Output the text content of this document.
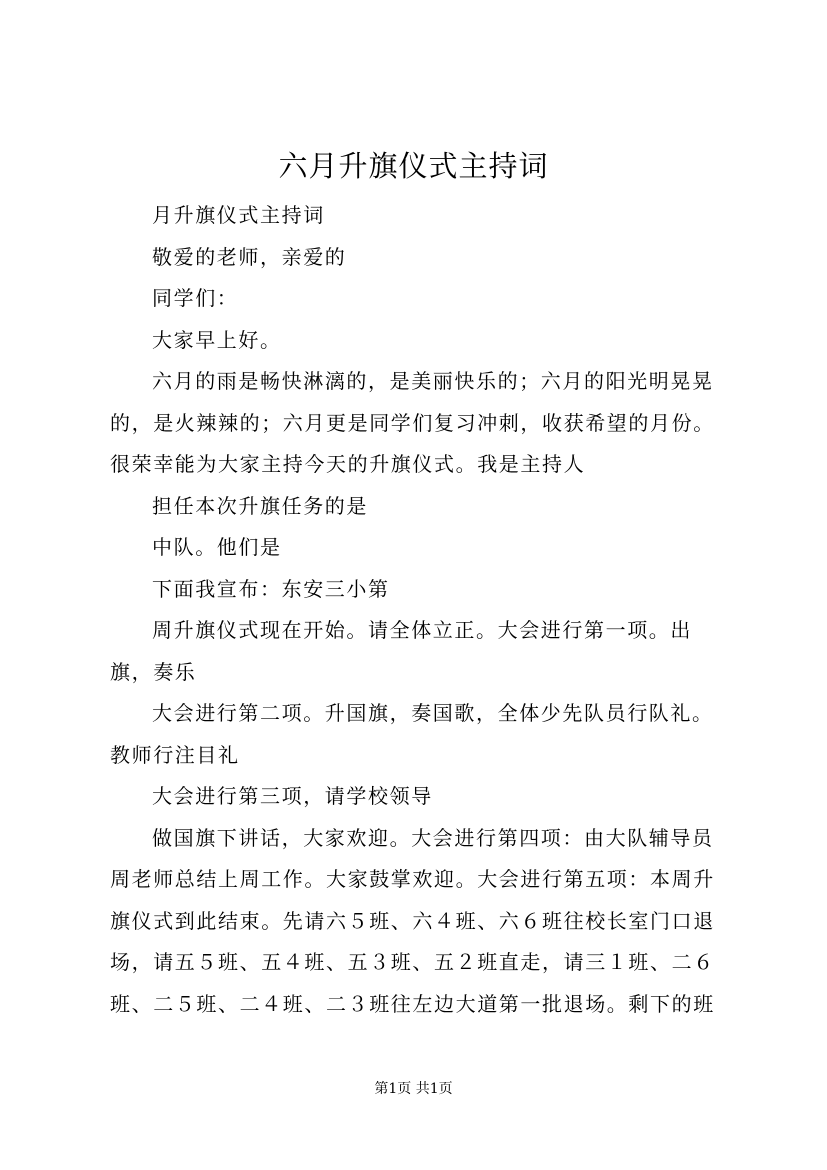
六月升旗仪式主持词

月升旗仪式主持词

敬爱的老师，亲爱的

同学们：

大家早上好。

六月的雨是畅快淋漓的，是美丽快乐的；六月的阳光明晃晃的，是火辣辣的；六月更是同学们复习冲刺，收获希望的月份。很荣幸能为大家主持今天的升旗仪式。我是主持人

担任本次升旗任务的是

中队。他们是

下面我宣布：东安三小第

周升旗仪式现在开始。请全体立正。大会进行第一项。出旗，奏乐

大会进行第二项。升国旗，奏国歌，全体少先队员行队礼。教师行注目礼

大会进行第三项，请学校领导

做国旗下讲话，大家欢迎。大会进行第四项：由大队辅导员周老师总结上周工作。大家鼓掌欢迎。大会进行第五项：本周升旗仪式到此结束。先请六５班、六４班、六６班往校长室门口退场，请五５班、五４班、五３班、五２班直走，请三１班、二６班、二５班、二４班、二３班往左边大道第一批退场。剩下的班

第1页 共1页
